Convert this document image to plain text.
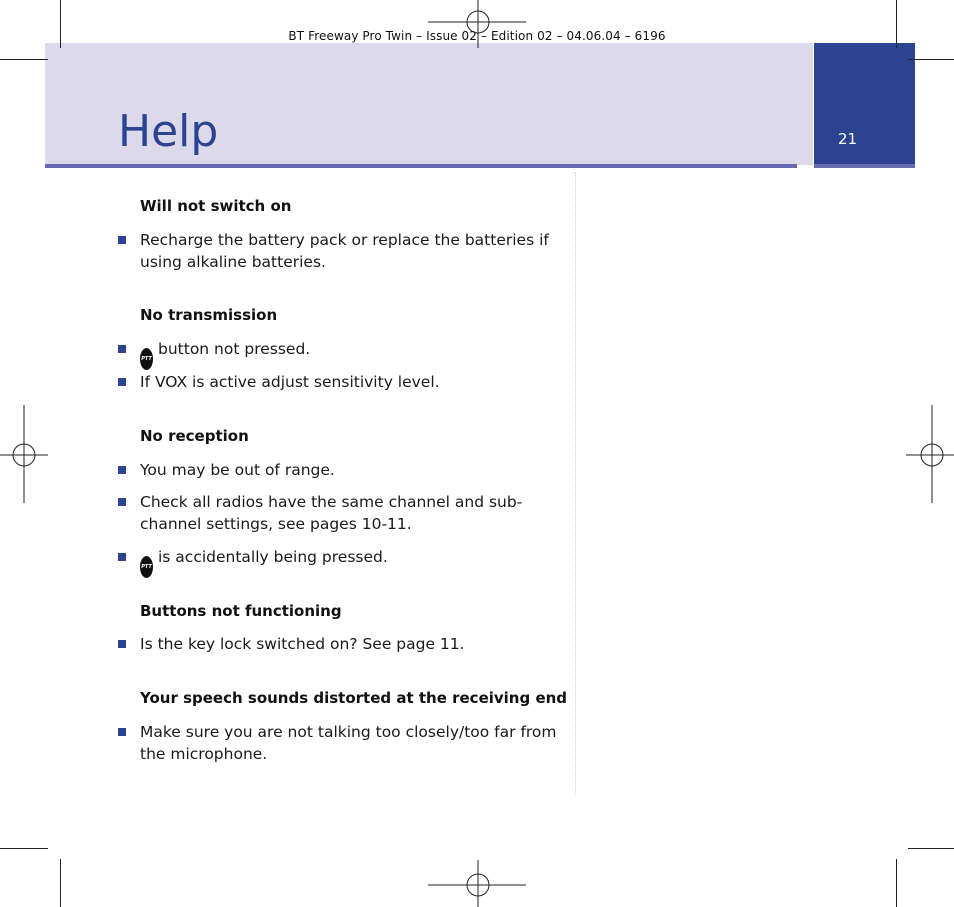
BT Freeway Pro Twin – Issue 02 – Edition 02 – 04.06.04 – 6196
Help	21
Will not switch on
Recharge the battery pack or replace the batteries if using alkaline batteries.
No transmission
PTTbutton not pressed.
If VOX is active adjust sensitivity level.
No reception
You may be out of range.
Check all radios have the same channel and sub-channel settings, see pages 10-11.
PTTis accidentally being pressed.
Buttons not functioning
Is the key lock switched on? See page 11.
Your speech sounds distorted at the receiving end
Make sure you are not talking too closely/too far from the microphone.
